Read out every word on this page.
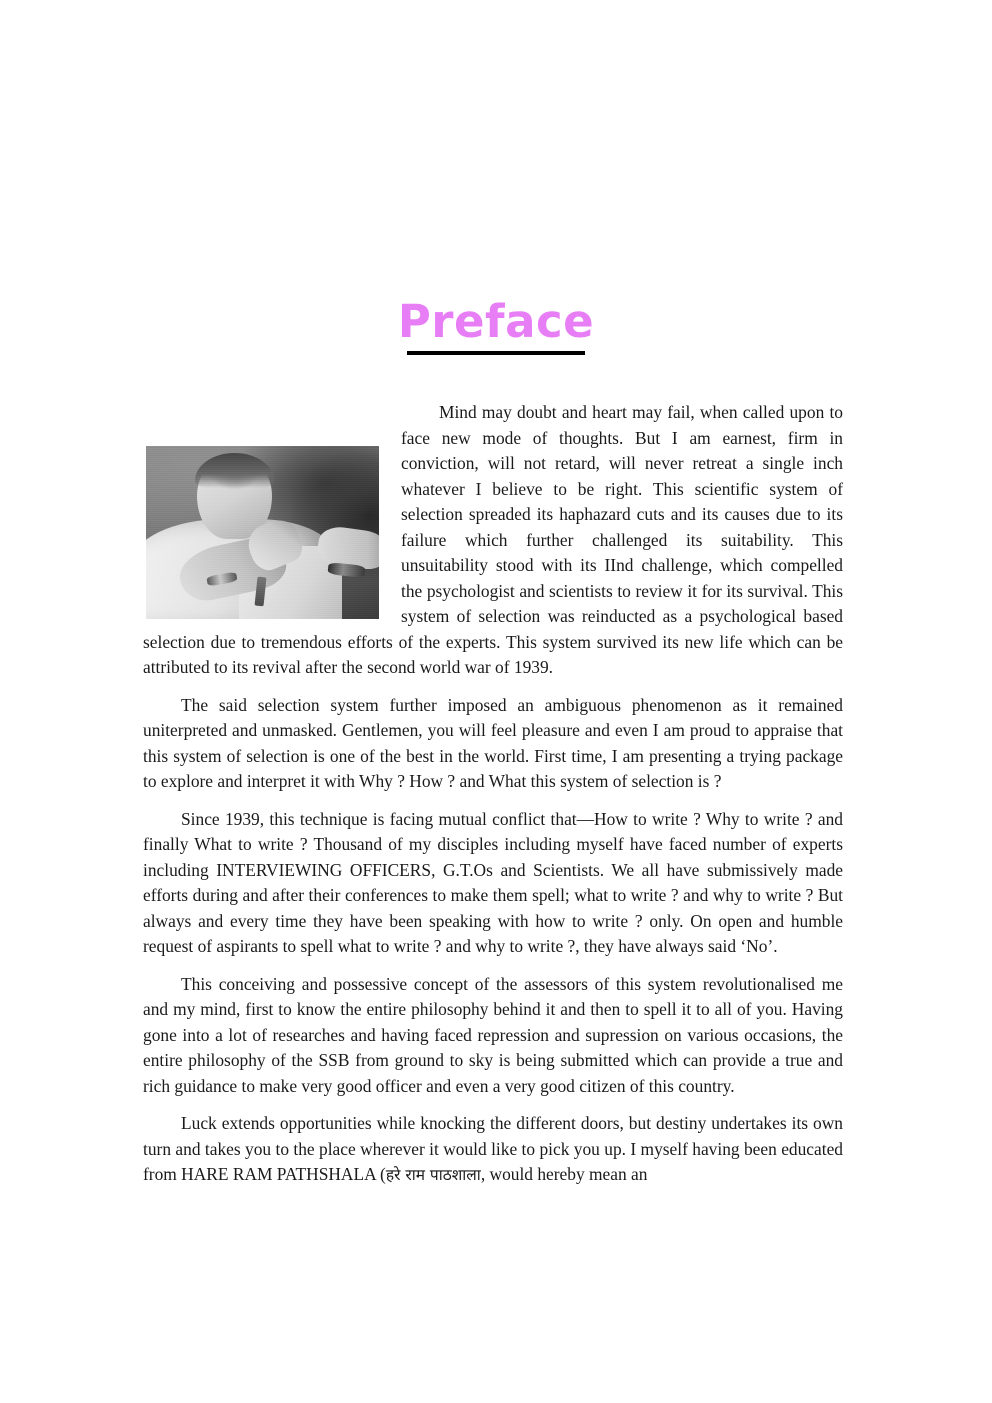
Preface

Mind may doubt and heart may fail, when called upon to face new mode of thoughts. But I am earnest, firm in conviction, will not retard, will never retreat a single inch whatever I believe to be right. This scientific system of selection spreaded its haphazard cuts and its causes due to its failure which further challenged its suitability. This unsuitability stood with its IInd challenge, which compelled the psychologist and scientists to review it for its survival. This system of selection was reinducted as a psychological based selection due to tremendous efforts of the experts. This system survived its new life which can be attributed to its revival after the second world war of 1939.

The said selection system further imposed an ambiguous phenomenon as it remained uniterpreted and unmasked. Gentlemen, you will feel pleasure and even I am proud to appraise that this system of selection is one of the best in the world. First time, I am presenting a trying package to explore and interpret it with Why ? How ? and What this system of selection is ?

Since 1939, this technique is facing mutual conflict that—How to write ? Why to write ? and finally What to write ? Thousand of my disciples including myself have faced number of experts including INTERVIEWING OFFICERS, G.T.Os and Scientists. We all have submissively made efforts during and after their conferences to make them spell; what to write ? and why to write ? But always and every time they have been speaking with how to write ? only. On open and humble request of aspirants to spell what to write ? and why to write ?, they have always said ‘No’.

This conceiving and possessive concept of the assessors of this system revolutionalised me and my mind, first to know the entire philosophy behind it and then to spell it to all of you. Having gone into a lot of researches and having faced repression and supression on various occasions, the entire philosophy of the SSB from ground to sky is being submitted which can provide a true and rich guidance to make very good officer and even a very good citizen of this country.

Luck extends opportunities while knocking the different doors, but destiny undertakes its own turn and takes you to the place wherever it would like to pick you up. I myself having been educated from HARE RAM PATHSHALA (हरे राम पाठशाला, would hereby mean an
